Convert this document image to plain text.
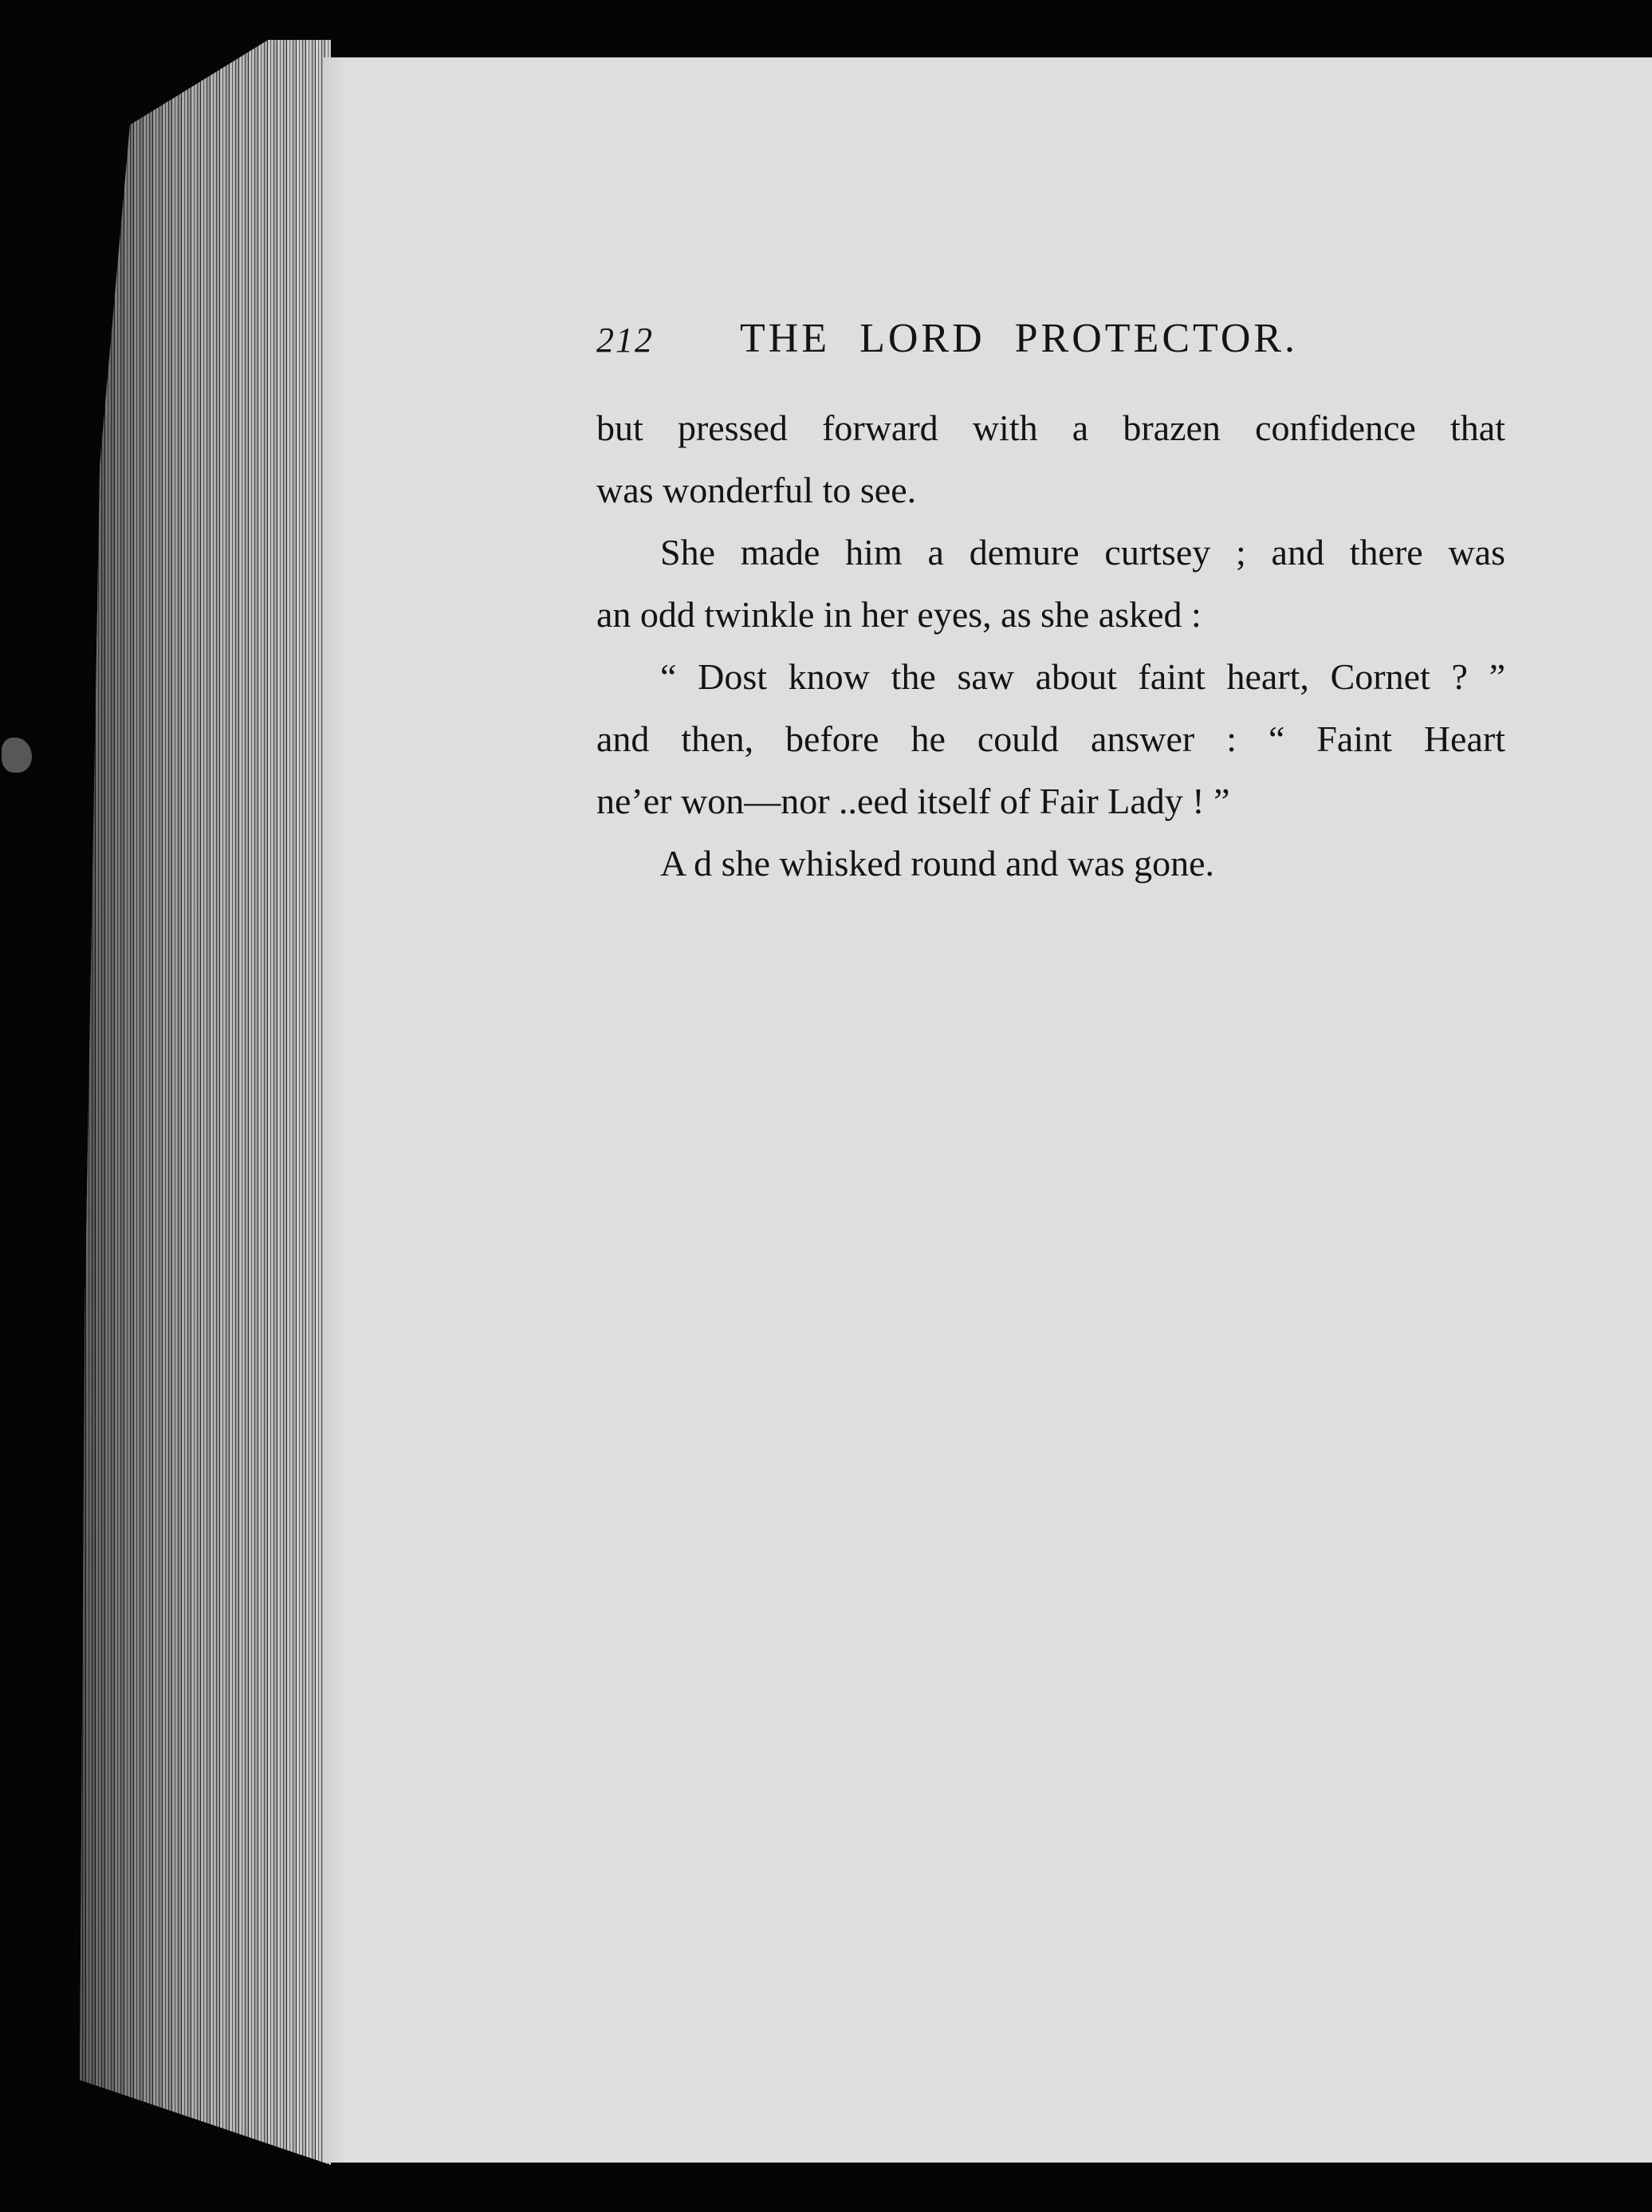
212 THE LORD PROTECTOR.
but pressed forward with a brazen confidence that
was wonderful to see.
She made him a demure curtsey ; and there was
an odd twinkle in her eyes, as she asked :
“ Dost know the saw about faint heart, Cornet ? ”
and then, before he could answer : “ Faint Heart
ne’er won—nor ..eed itself of Fair Lady ! ”
A d she whisked round and was gone.
